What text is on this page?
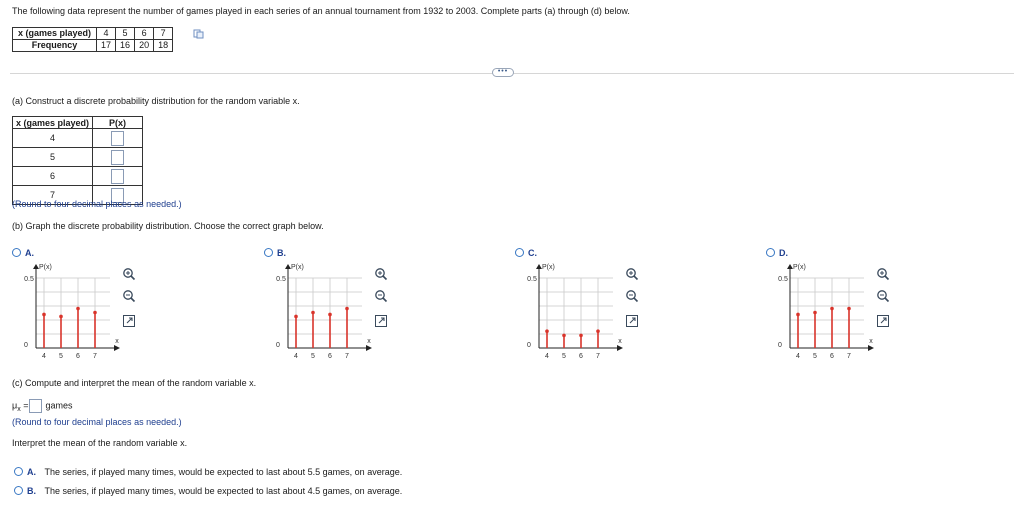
The following data represent the number of games played in each series of an annual tournament from 1932 to 2003. Complete parts (a) through (d) below.
x (games played)	4	5	6	7
Frequency	17	16	20	18
•••
(a) Construct a discrete probability distribution for the random variable x.
x (games played)	P(x)
4	
5	
6	
7	
(Round to four decimal places as needed.)
(b) Graph the discrete probability distribution. Choose the correct graph below.
A.
P(x)
0.5
0
x
4 5 6 7
B.
P(x)
0.5
0
x
4 5 6 7
C.
P(x)
0.5
0
x
4 5 6 7
D.
P(x)
0.5
0
x
4 5 6 7
(c) Compute and interpret the mean of the random variable x.
$\mu_x$ = games
(Round to four decimal places as needed.)
Interpret the mean of the random variable x.
A. The series, if played many times, would be expected to last about 5.5 games, on average.
B. The series, if played many times, would be expected to last about 4.5 games, on average.
